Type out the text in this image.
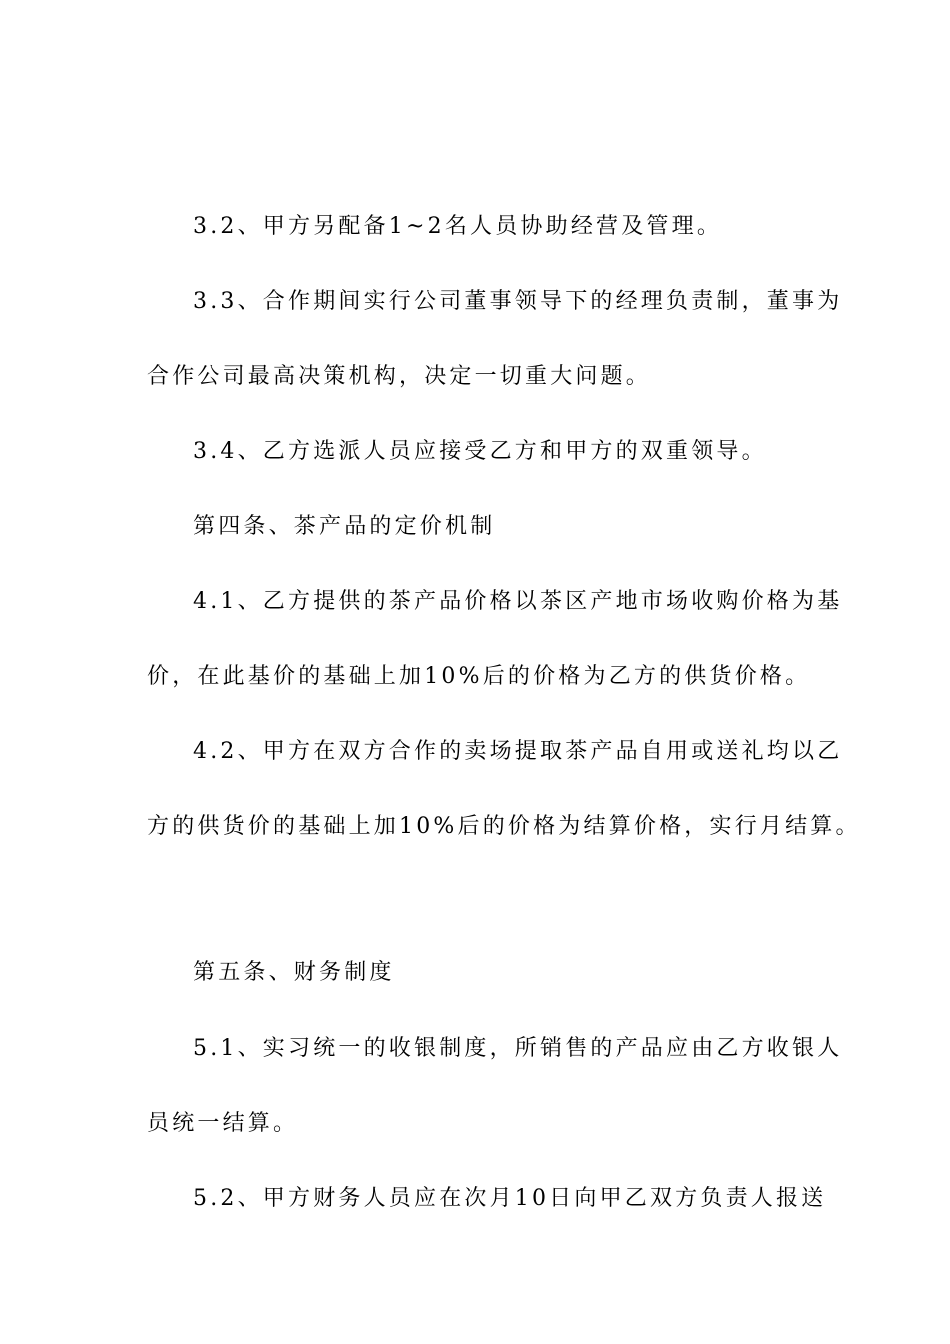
3.2、甲方另配备1~2名人员协助经营及管理。
3.3、合作期间实行公司董事领导下的经理负责制，董事为
合作公司最高决策机构，决定一切重大问题。
3.4、乙方选派人员应接受乙方和甲方的双重领导。
第四条、茶产品的定价机制
4.1、乙方提供的茶产品价格以茶区产地市场收购价格为基
价，在此基价的基础上加10%后的价格为乙方的供货价格。
4.2、甲方在双方合作的卖场提取茶产品自用或送礼均以乙
方的供货价的基础上加10%后的价格为结算价格，实行月结算。
第五条、财务制度
5.1、实习统一的收银制度，所销售的产品应由乙方收银人
员统一结算。
5.2、甲方财务人员应在次月10日向甲乙双方负责人报送
